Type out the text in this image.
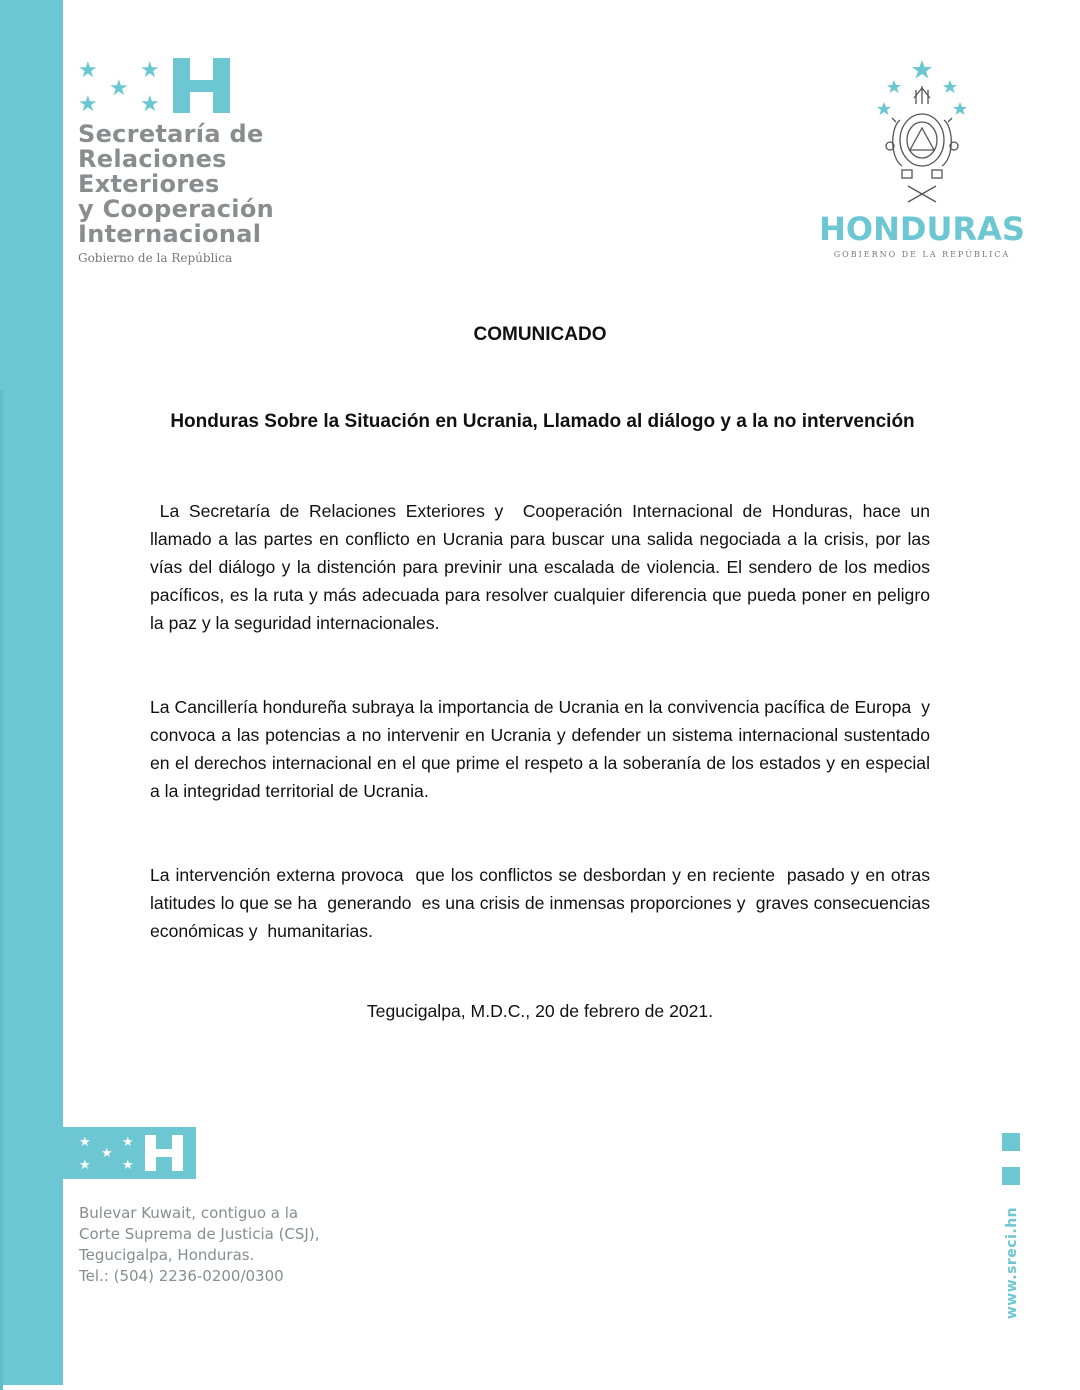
★ ★
★
★ ★
Secretaría de
Relaciones
Exteriores
y Cooperación
Internacional
Gobierno de la República
HONDURAS
GOBIERNO DE LA REPÚBLICA
COMUNICADO
Honduras Sobre la Situación en Ucrania, Llamado al diálogo y a la no intervención
La Secretaría de Relaciones Exteriores y  Cooperación Internacional de Honduras, hace un llamado a las partes en conflicto en Ucrania para buscar una salida negociada a la crisis, por las vías del diálogo y la distención para previnir una escalada de violencia. El sendero de los medios pacíficos, es la ruta y más adecuada para resolver cualquier diferencia que pueda poner en peligro la paz y la seguridad internacionales.
La Cancillería hondureña subraya la importancia de Ucrania en la convivencia pacífica de Europa  y convoca a las potencias a no intervenir en Ucrania y defender un sistema internacional sustentado en el derechos internacional en el que prime el respeto a la soberanía de los estados y en especial a la integridad territorial de Ucrania.
La intervención externa provoca  que los conflictos se desbordan y en reciente  pasado y en otras latitudes lo que se ha  generando  es una crisis de inmensas proporciones y  graves consecuencias económicas y  humanitarias.
Tegucigalpa, M.D.C., 20 de febrero de 2021.
★ ★
★
★ ★
Bulevar Kuwait, contiguo a la
Corte Suprema de Justicia (CSJ),
Tegucigalpa, Honduras.
Tel.: (504) 2236-0200/0300	www.sreci.hn
